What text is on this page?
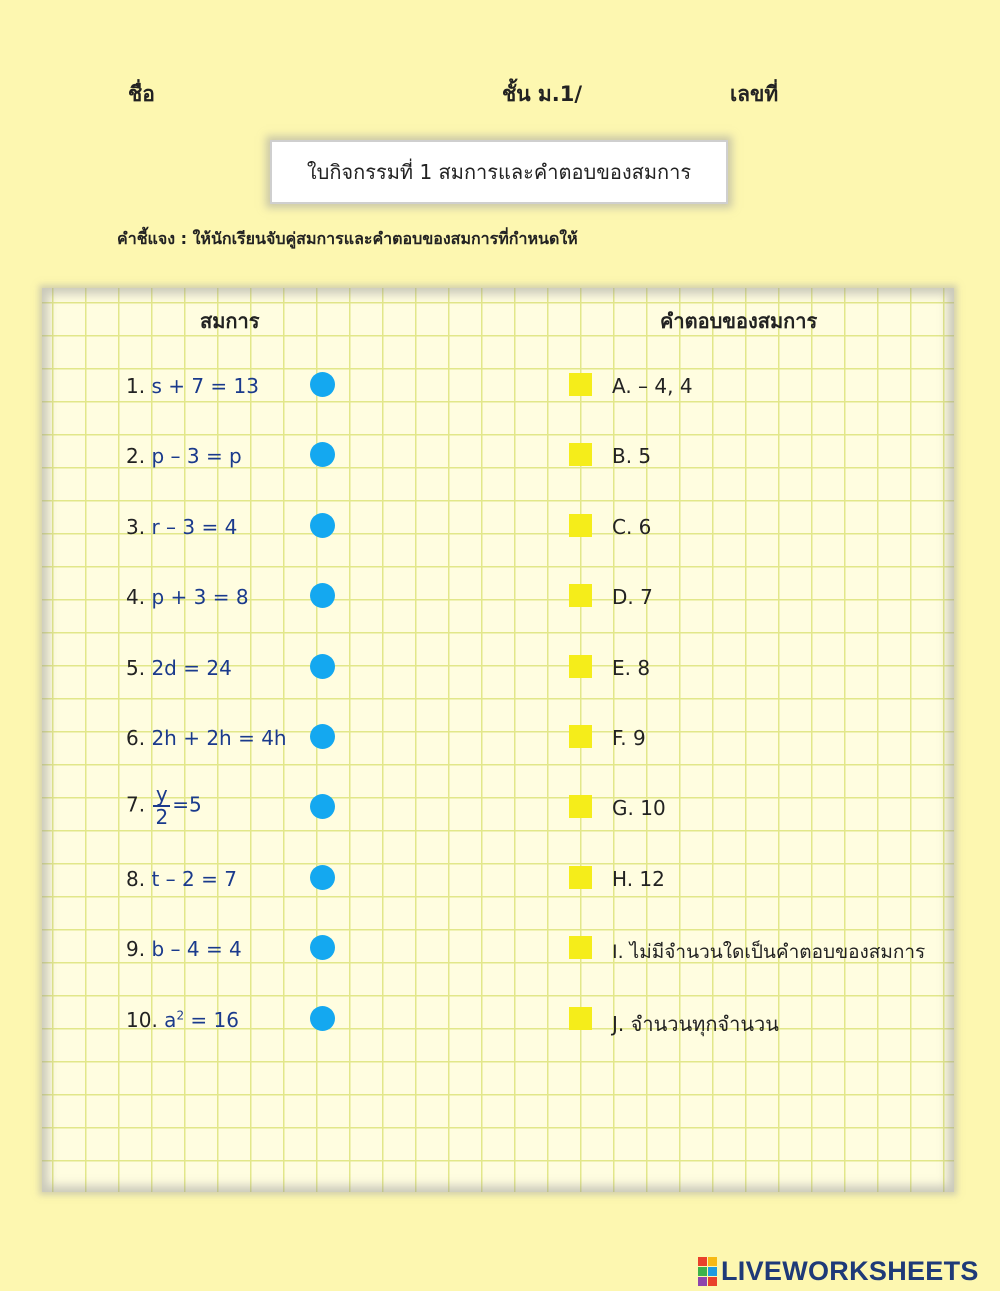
ชื่อ	ชั้น ม.1/	เลขที่
ใบกิจกรรมที่ 1 สมการและคำตอบของสมการ
คำชี้แจง : ให้นักเรียนจับคู่สมการและคำตอบของสมการที่กำหนดให้
สมการ	คำตอบของสมการ
1. s + 7 = 13
2. p – 3 = p
3. r – 3 = 4
4. p + 3 = 8
5. 2d = 24
6. 2h + 2h = 4h
7. $\frac{y}{2} =5$
8. t – 2 = 7
9. b – 4 = 4
10. $a^2 = 16$
A. – 4, 4
B. 5
C. 6
D. 7
E. 8
F. 9
G. 10
H. 12
I. ไม่มีจำนวนใดเป็นคำตอบของสมการ
J. จำนวนทุกจำนวน
LIVEWORKSHEETS
